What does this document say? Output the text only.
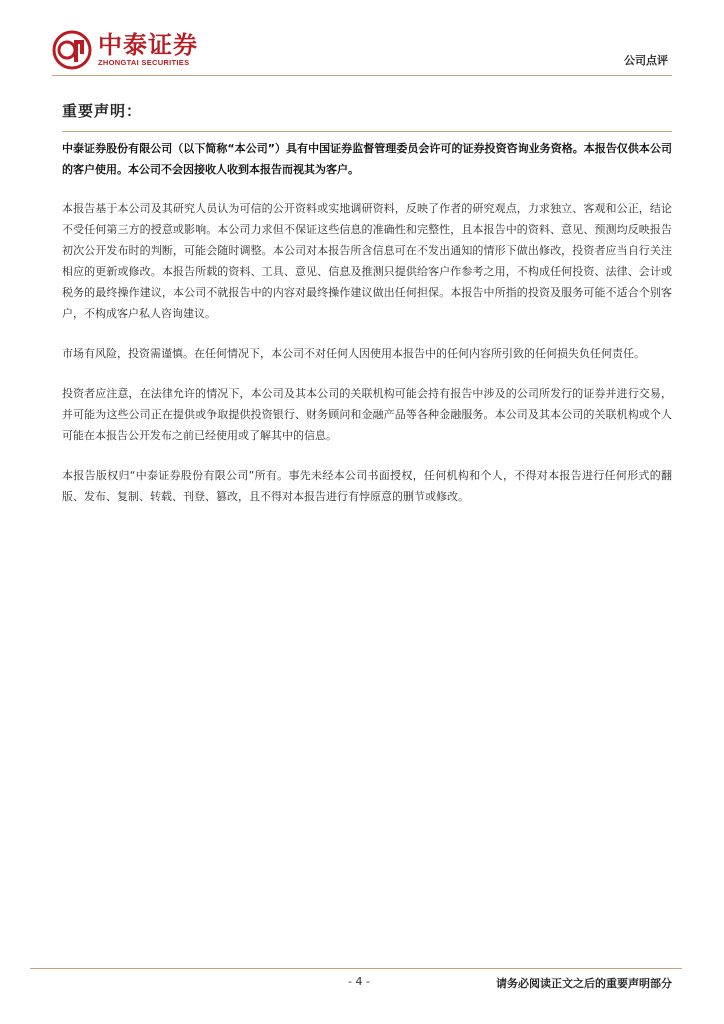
中泰证券
ZHONGTAI SECURITIES	公司点评
重要声明：

中泰证券股份有限公司（以下简称“本公司”）具有中国证券监督管理委员会许可的证券投资咨询业务资格。本报告仅供本公司的客户使用。本公司不会因接收人收到本报告而视其为客户。

本报告基于本公司及其研究人员认为可信的公开资料或实地调研资料，反映了作者的研究观点，力求独立、客观和公正，结论不受任何第三方的授意或影响。本公司力求但不保证这些信息的准确性和完整性，且本报告中的资料、意见、预测均反映报告初次公开发布时的判断，可能会随时调整。本公司对本报告所含信息可在不发出通知的情形下做出修改，投资者应当自行关注相应的更新或修改。本报告所载的资料、工具、意见、信息及推测只提供给客户作参考之用，不构成任何投资、法律、会计或税务的最终操作建议，本公司不就报告中的内容对最终操作建议做出任何担保。本报告中所指的投资及服务可能不适合个别客户，不构成客户私人咨询建议。

市场有风险，投资需谨慎。在任何情况下，本公司不对任何人因使用本报告中的任何内容所引致的任何损失负任何责任。

投资者应注意，在法律允许的情况下，本公司及其本公司的关联机构可能会持有报告中涉及的公司所发行的证券并进行交易，并可能为这些公司正在提供或争取提供投资银行、财务顾问和金融产品等各种金融服务。本公司及其本公司的关联机构或个人可能在本报告公开发布之前已经使用或了解其中的信息。

本报告版权归“中泰证券股份有限公司”所有。事先未经本公司书面授权，任何机构和个人，不得对本报告进行任何形式的翻版、发布、复制、转载、刊登、篡改，且不得对本报告进行有悖原意的删节或修改。

- 4 -	请务必阅读正文之后的重要声明部分
